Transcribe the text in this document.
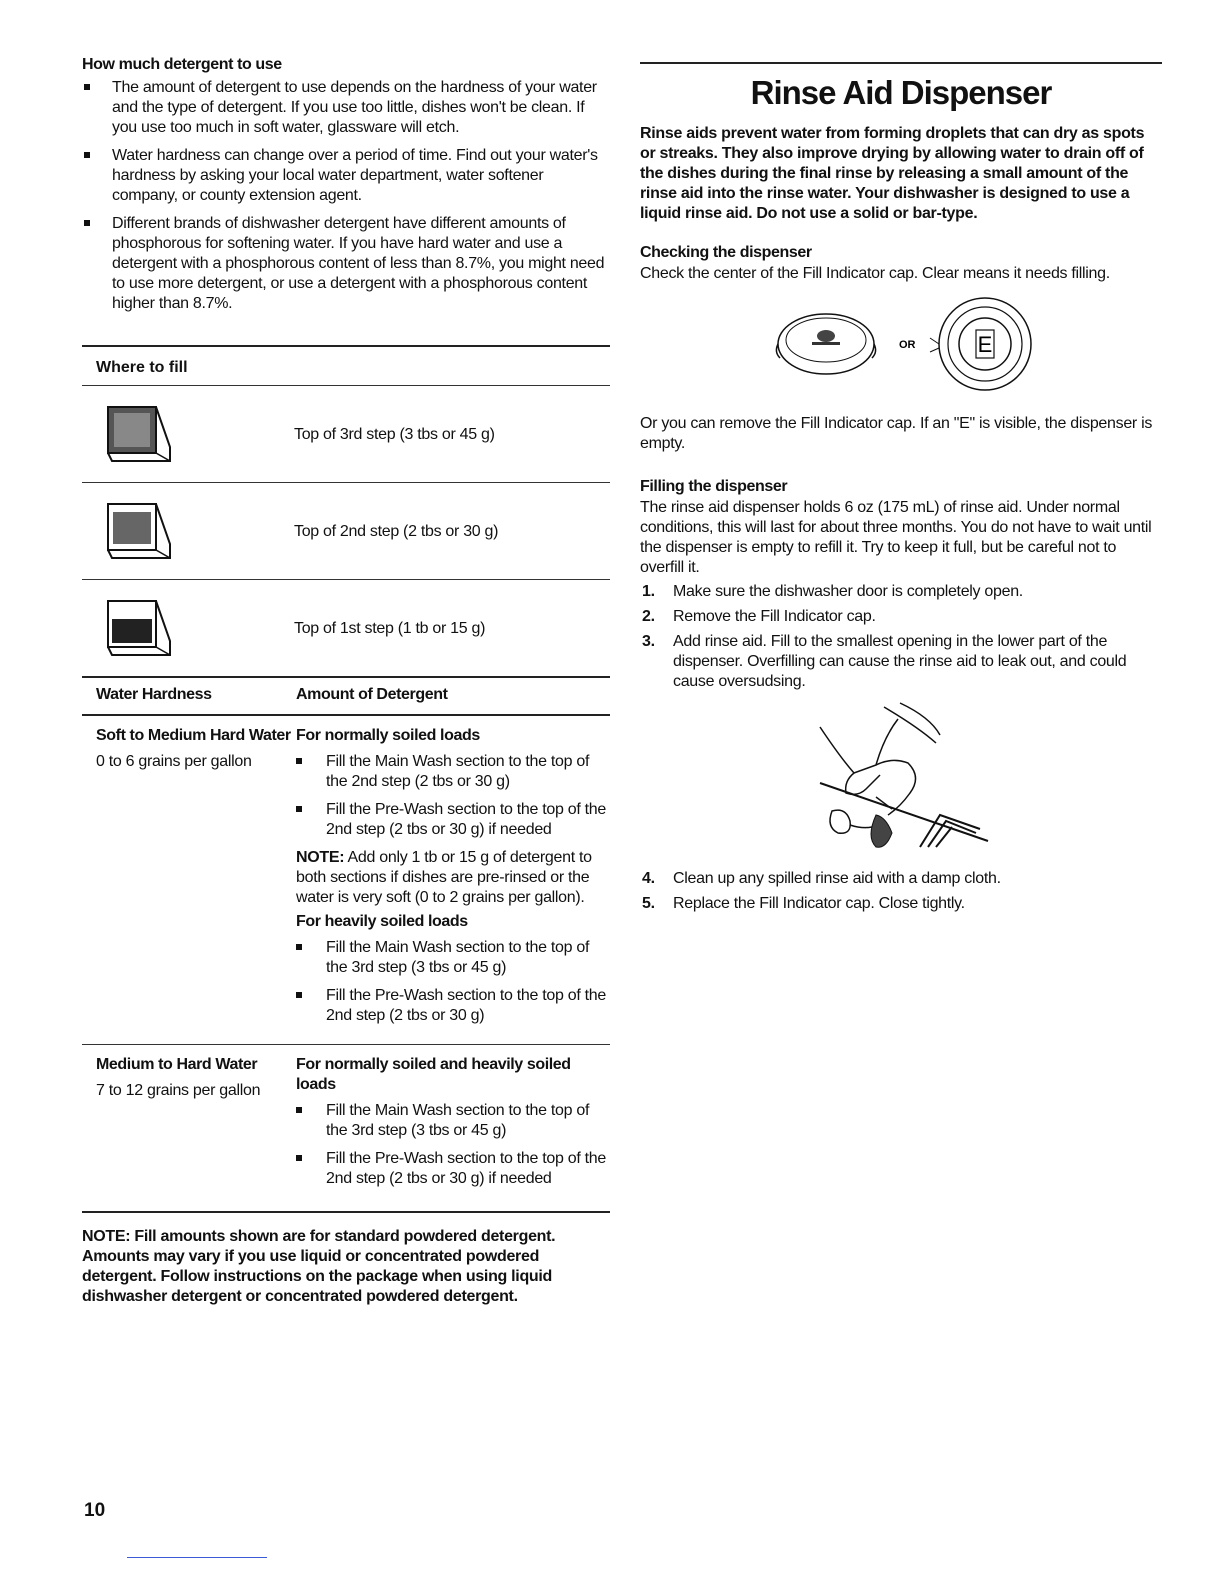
How much detergent to use
The amount of detergent to use depends on the hardness of your water and the type of detergent. If you use too little, dishes won't be clean. If you use too much in soft water, glassware will etch.
Water hardness can change over a period of time. Find out your water's hardness by asking your local water department, water softener company, or county extension agent.
Different brands of dishwasher detergent have different amounts of phosphorous for softening water. If you have hard water and use a detergent with a phosphorous content of less than 8.7%, you might need to use more detergent, or use a detergent with a phosphorous content higher than 8.7%.
Where to fill
Top of 3rd step (3 tbs or 45 g)
Top of 2nd step (2 tbs or 30 g)
Top of 1st step (1 tb or 15 g)
Water Hardness	Amount of Detergent
Soft to Medium Hard Water
0 to 6 grains per gallon
For normally soiled loads
Fill the Main Wash section to the top of the 2nd step (2 tbs or 30 g)
Fill the Pre-Wash section to the top of the 2nd step (2 tbs or 30 g) if needed

NOTE: Add only 1 tb or 15 g of detergent to both sections if dishes are pre-rinsed or the water is very soft (0 to 2 grains per gallon).

For heavily soiled loads
Fill the Main Wash section to the top of the 3rd step (3 tbs or 45 g)
Fill the Pre-Wash section to the top of the 2nd step (2 tbs or 30 g)
Medium to Hard Water
7 to 12 grains per gallon
For normally soiled and heavily soiled loads
Fill the Main Wash section to the top of the 3rd step (3 tbs or 45 g)
Fill the Pre-Wash section to the top of the 2nd step (2 tbs or 30 g) if needed

NOTE: Fill amounts shown are for standard powdered detergent. Amounts may vary if you use liquid or concentrated powdered detergent. Follow instructions on the package when using liquid dishwasher detergent or concentrated powdered detergent.

Rinse Aid Dispenser

Rinse aids prevent water from forming droplets that can dry as spots or streaks. They also improve drying by allowing water to drain off of the dishes during the final rinse by releasing a small amount of the rinse aid into the rinse water. Your dishwasher is designed to use a liquid rinse aid. Do not use a solid or bar-type.

Checking the dispenser

Check the center of the Fill Indicator cap. Clear means it needs filling.

OR	E

Or you can remove the Fill Indicator cap. If an "E" is visible, the dispenser is empty.

Filling the dispenser

The rinse aid dispenser holds 6 oz (175 mL) of rinse aid. Under normal conditions, this will last for about three months. You do not have to wait until the dispenser is empty to refill it. Try to keep it full, but be careful not to overfill it.

1. Make sure the dishwasher door is completely open.
2. Remove the Fill Indicator cap.
3. Add rinse aid. Fill to the smallest opening in the lower part of the dispenser. Overfilling can cause the rinse aid to leak out, and could cause oversudsing.
4. Clean up any spilled rinse aid with a damp cloth.
5. Replace the Fill Indicator cap. Close tightly.
10
